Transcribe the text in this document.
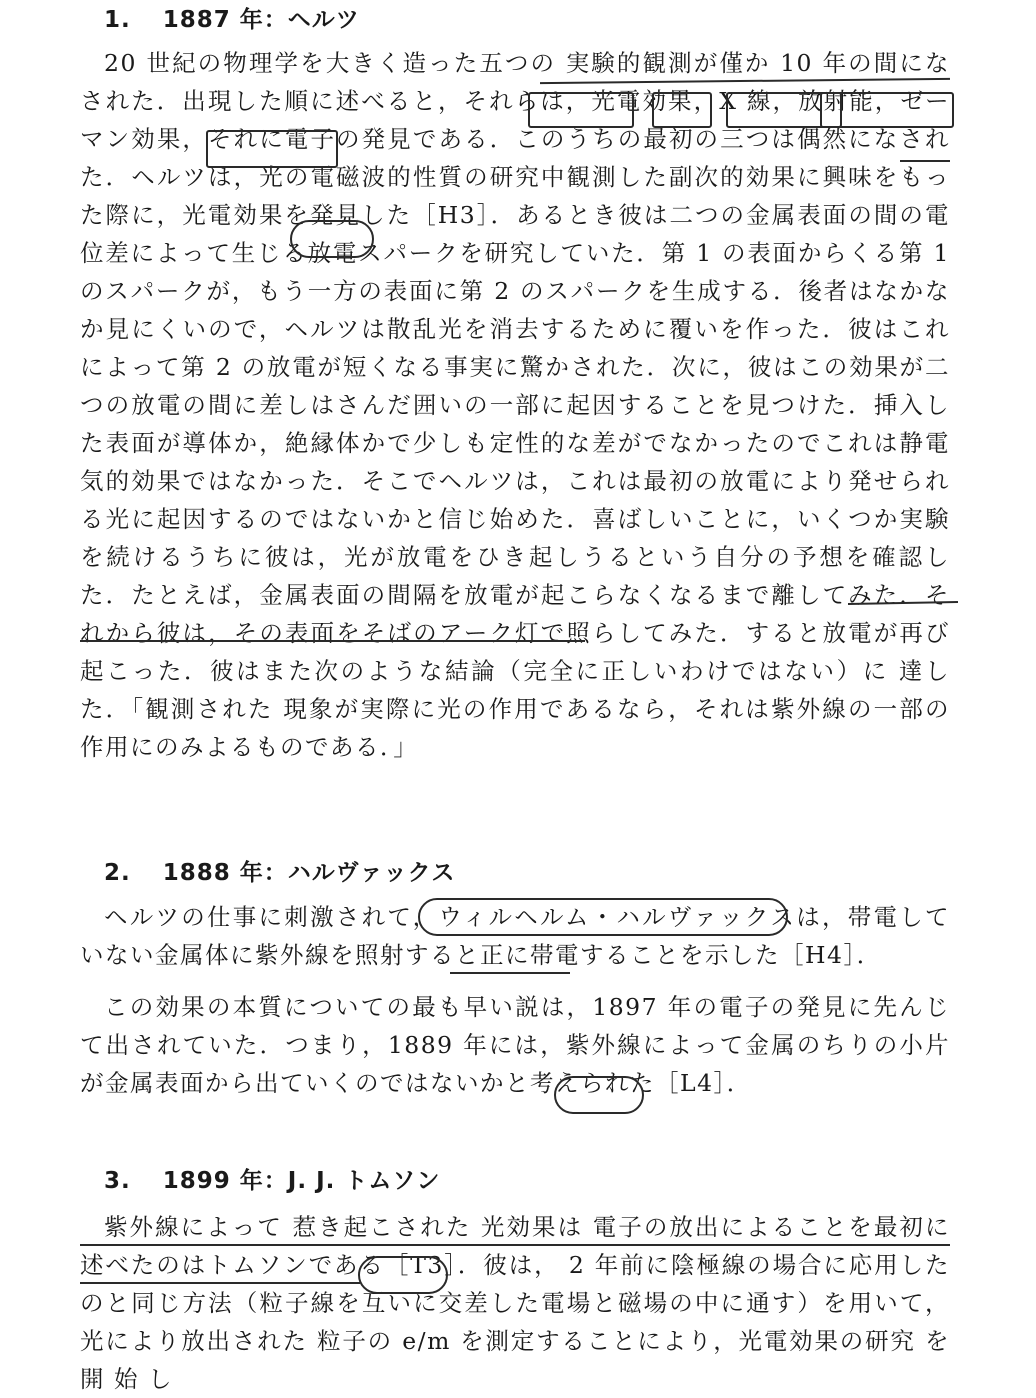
1. 1887 年：ヘルツ

20 世紀の物理学を大きく造った五つの 実験的観測が僅か 10 年の間になされた．出現した順に述べると，それらは，光電効果，X 線，放射能，ゼーマン効果，それに電子の発見である．このうちの最初の三つは偶然になされた．ヘルツは，光の電磁波的性質の研究中観測した副次的効果に興味をもった際に，光電効果を発見した［H3］．あるとき彼は二つの金属表面の間の電位差によって生じる放電スパークを研究していた．第 1 の表面からくる第 1 のスパークが，もう一方の表面に第 2 のスパークを生成する．後者はなかなか見にくいので，ヘルツは散乱光を消去するために覆いを作った．彼はこれによって第 2 の放電が短くなる事実に驚かされた．次に，彼はこの効果が二つの放電の間に差しはさんだ囲いの一部に起因することを見つけた．挿入した表面が導体か，絶縁体かで少しも定性的な差がでなかったのでこれは静電気的効果ではなかった．そこでヘルツは，これは最初の放電により発せられる光に起因するのではないかと信じ始めた．喜ばしいことに，いくつか実験を続けるうちに彼は，光が放電をひき起しうるという自分の予想を確認した．たとえば，金属表面の間隔を放電が起こらなくなるまで離してみた．それから彼は，その表面をそばのアーク灯で照らしてみた．すると放電が再び起こった．彼はまた次のような結論（完全に正しいわけではない）に 達した．「観測された 現象が実際に光の作用であるなら，それは紫外線の一部の作用にのみよるものである．」

2. 1888 年：ハルヴァックス

ヘルツの仕事に刺激されて，ウィルヘルム・ハルヴァックスは，帯電していない金属体に紫外線を照射すると正に帯電することを示した［H4］．

この効果の本質についての最も早い説は，1897 年の電子の発見に先んじて出されていた．つまり，1889 年には，紫外線によって金属のちりの小片が金属表面から出ていくのではないかと考えられた［L4］．

3. 1899 年：J. J. トムソン

紫外線によって 惹き起こされた 光効果は 電子の放出によることを最初に述べたのはトムソンである［T3］．彼は， 2 年前に陰極線の場合に応用したのと同じ方法（粒子線を互いに交差した電場と磁場の中に通す）を用いて，光により放出された 粒子の e/m を測定することにより，光電効果の研究 を 開 始 し
